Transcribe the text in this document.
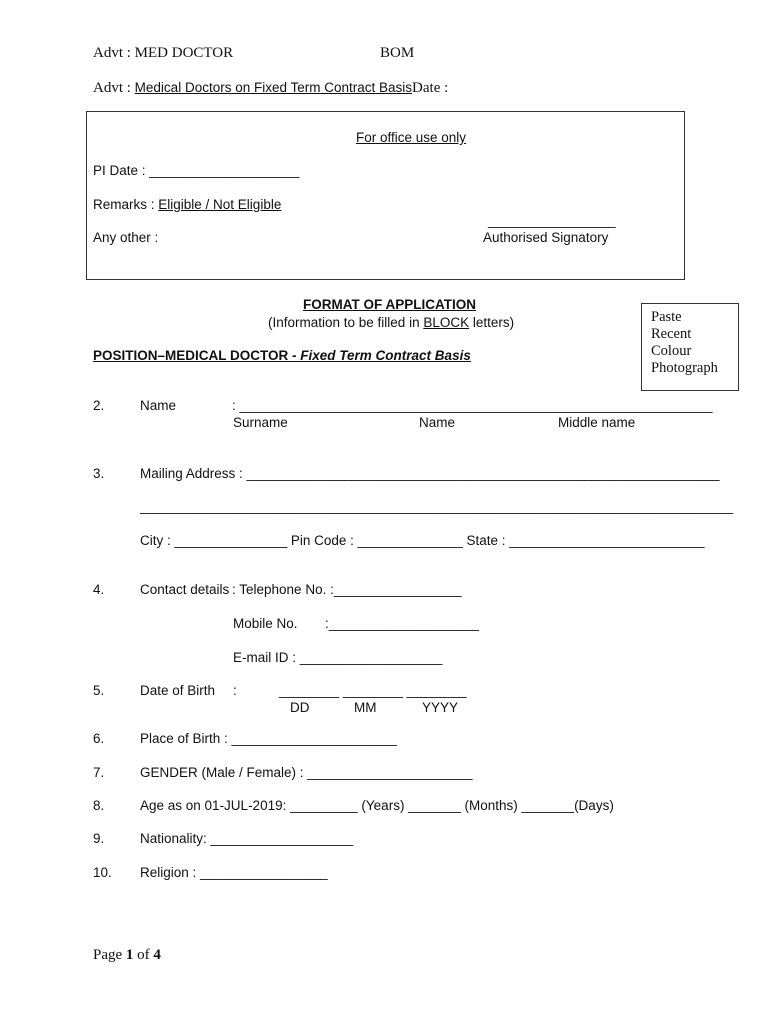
Advt : MED DOCTOR	BOM
Advt : Medical Doctors on Fixed Term Contract BasisDate :
For office use only
PI Date : ____________________
Remarks : Eligible / Not Eligible
_________________
Any other :	Authorised Signatory
FORMAT OF APPLICATION
(Information to be filled in BLOCK letters)	Paste
Recent
Colour
Photograph
POSITION–MEDICAL DOCTOR - Fixed Term Contract Basis
2.	Name	: _______________________________________________________________
Surname	Name	Middle name
3.	Mailing Address : _______________________________________________________________
_______________________________________________________________________________
City : _______________ Pin Code : ______________ State : __________________________
4.	Contact details : Telephone No. :_________________
Mobile No. :____________________
E-mail ID : ___________________
5.	Date of Birth :	________ ________ ________
DD	MM	YYYY
6.	Place of Birth : ______________________
7.	GENDER (Male / Female) : ______________________
8.	Age as on 01-JUL-2019: _________ (Years) _______ (Months) _______(Days)
9.	Nationality: ___________________
10. Religion : _________________
Page 1 of 4
